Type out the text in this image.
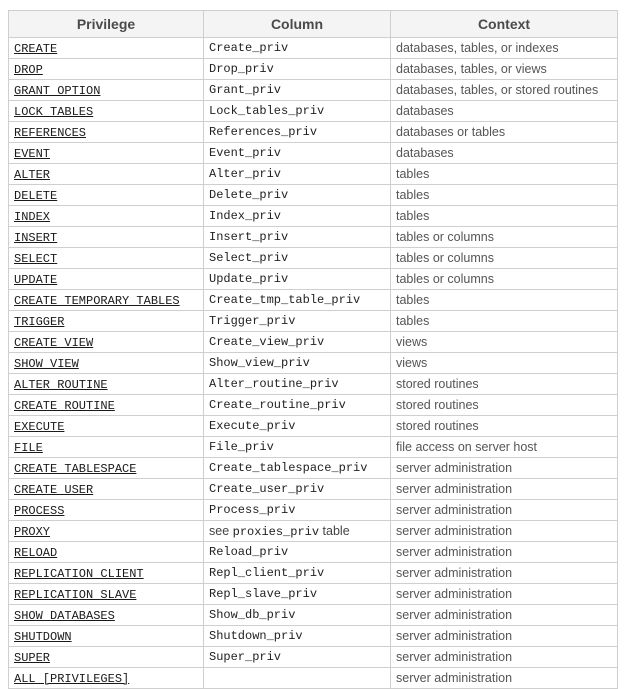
Privilege	Column	Context
CREATE	Create_priv	databases, tables, or indexes
DROP	Drop_priv	databases, tables, or views
GRANT OPTION	Grant_priv	databases, tables, or stored routines
LOCK TABLES	Lock_tables_priv	databases
REFERENCES	References_priv	databases or tables
EVENT	Event_priv	databases
ALTER	Alter_priv	tables
DELETE	Delete_priv	tables
INDEX	Index_priv	tables
INSERT	Insert_priv	tables or columns
SELECT	Select_priv	tables or columns
UPDATE	Update_priv	tables or columns
CREATE TEMPORARY TABLES	Create_tmp_table_priv	tables
TRIGGER	Trigger_priv	tables
CREATE VIEW	Create_view_priv	views
SHOW VIEW	Show_view_priv	views
ALTER ROUTINE	Alter_routine_priv	stored routines
CREATE ROUTINE	Create_routine_priv	stored routines
EXECUTE	Execute_priv	stored routines
FILE	File_priv	file access on server host
CREATE TABLESPACE	Create_tablespace_priv	server administration
CREATE USER	Create_user_priv	server administration
PROCESS	Process_priv	server administration
PROXY	see proxies_priv table	server administration
RELOAD	Reload_priv	server administration
REPLICATION CLIENT	Repl_client_priv	server administration
REPLICATION SLAVE	Repl_slave_priv	server administration
SHOW DATABASES	Show_db_priv	server administration
SHUTDOWN	Shutdown_priv	server administration
SUPER	Super_priv	server administration
ALL [PRIVILEGES]		server administration
